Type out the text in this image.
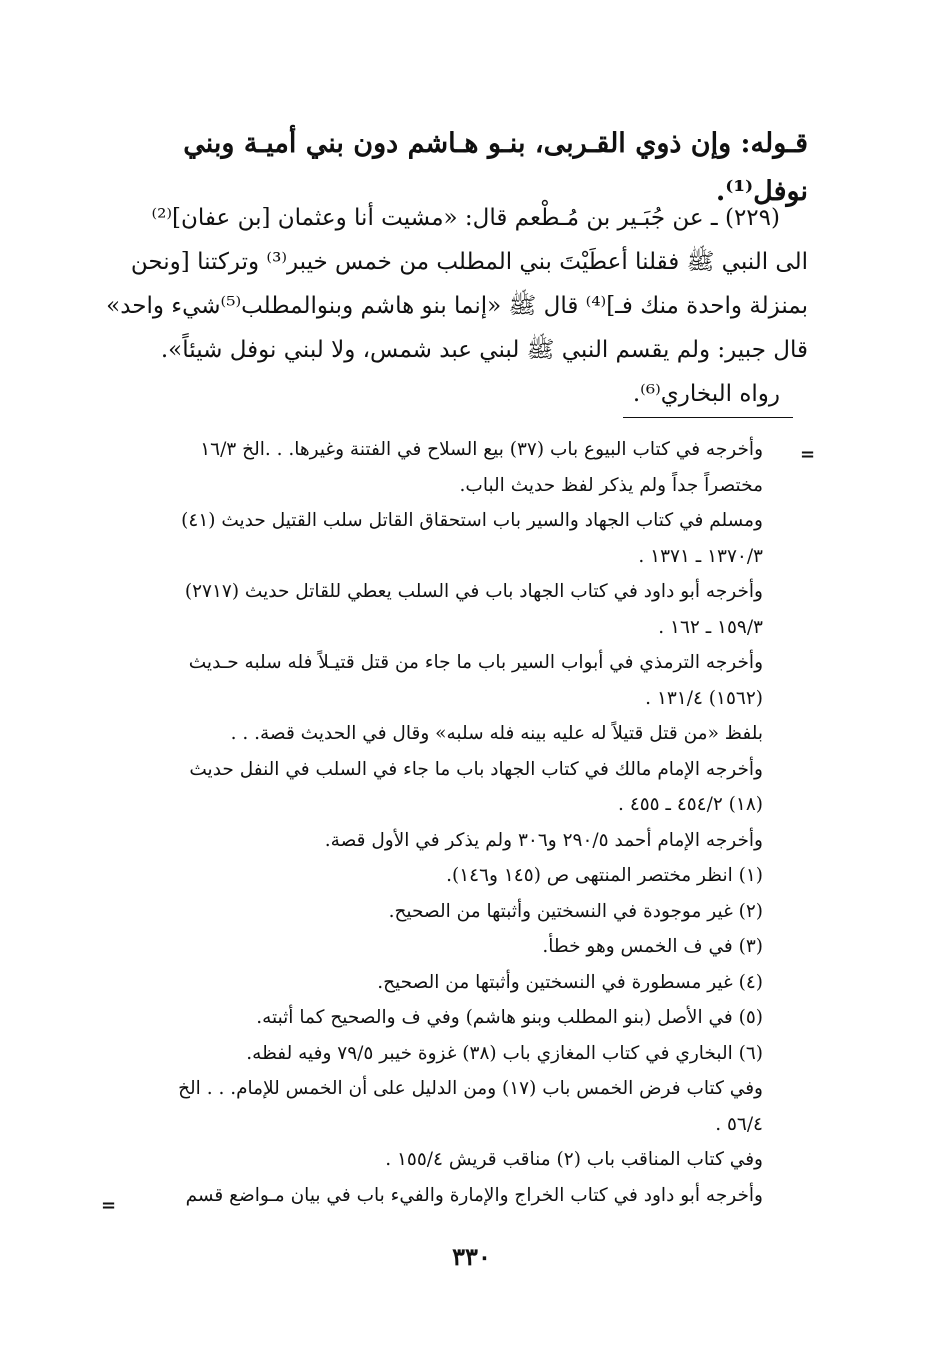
قـوله: وإن ذوي القـربى، بنـو هـاشم دون بني أميـة وبني
نوفل⁽¹⁾.
(٢٢٩) ـ عن جُبَـير بن مُـطْعم قال: «مشيت أنا وعثمان [بن عفان]⁽²⁾
الى النبي ﷺ فقلنا أعطَيْتَ بني المطلب من خمس خيبر⁽³⁾ وتركتنا [ونحن
بمنزلة واحدة منك فـ]⁽⁴⁾ قال ﷺ «إنما بنو هاشم وبنوالمطلب⁽⁵⁾شيء واحد»
قال جبير: ولم يقسم النبي ﷺ لبني عبد شمس، ولا لبني نوفل شيئاً».
رواه البخاري⁽⁶⁾.
=
وأخرجه في كتاب البيوع باب (٣٧) بيع السلاح في الفتنة وغيرها. . .الخ ١٦/٣
مختصراً جداً ولم يذكر لفظ حديث الباب.
ومسلم في كتاب الجهاد والسير باب استحقاق القاتل سلب القتيل حديث (٤١)
١٣٧٠/٣ ـ ١٣٧١ .
وأخرجه أبو داود في كتاب الجهاد باب في السلب يعطي للقاتل حديث (٢٧١٧)
١٥٩/٣ ـ ١٦٢ .
وأخرجه الترمذي في أبواب السير باب ما جاء من قتل قتيـلاً فله سلبه حـديث
(١٥٦٢) ١٣١/٤ .
بلفظ «من قتل قتيلاً له عليه بينه فله سلبه» وقال في الحديث قصة. . .
وأخرجه الإمام مالك في كتاب الجهاد باب ما جاء في السلب في النفل حديث
(١٨) ٤٥٤/٢ ـ ٤٥٥ .
وأخرجه الإمام أحمد ٢٩٠/٥ و٣٠٦ ولم يذكر في الأول قصة.
(١) انظر مختصر المنتهى ص (١٤٥ و١٤٦).
(٢) غير موجودة في النسختين وأثبتها من الصحيح.
(٣) في ف الخمس وهو خطأ.
(٤) غير مسطورة في النسختين وأثبتها من الصحيح.
(٥) في الأصل (بنو المطلب وبنو هاشم) وفي ف والصحيح كما أثبته.
(٦) البخاري في كتاب المغازي باب (٣٨) غزوة خيبر ٧٩/٥ وفيه لفظه.
وفي كتاب فرض الخمس باب (١٧) ومن الدليل على أن الخمس للإمام. . . الخ
٥٦/٤ .
وفي كتاب المناقب باب (٢) مناقب قريش ١٥٥/٤ .
وأخرجه أبو داود في كتاب الخراج والإمارة والفيء باب في بيان مـواضع قسم
=
٣٣٠
